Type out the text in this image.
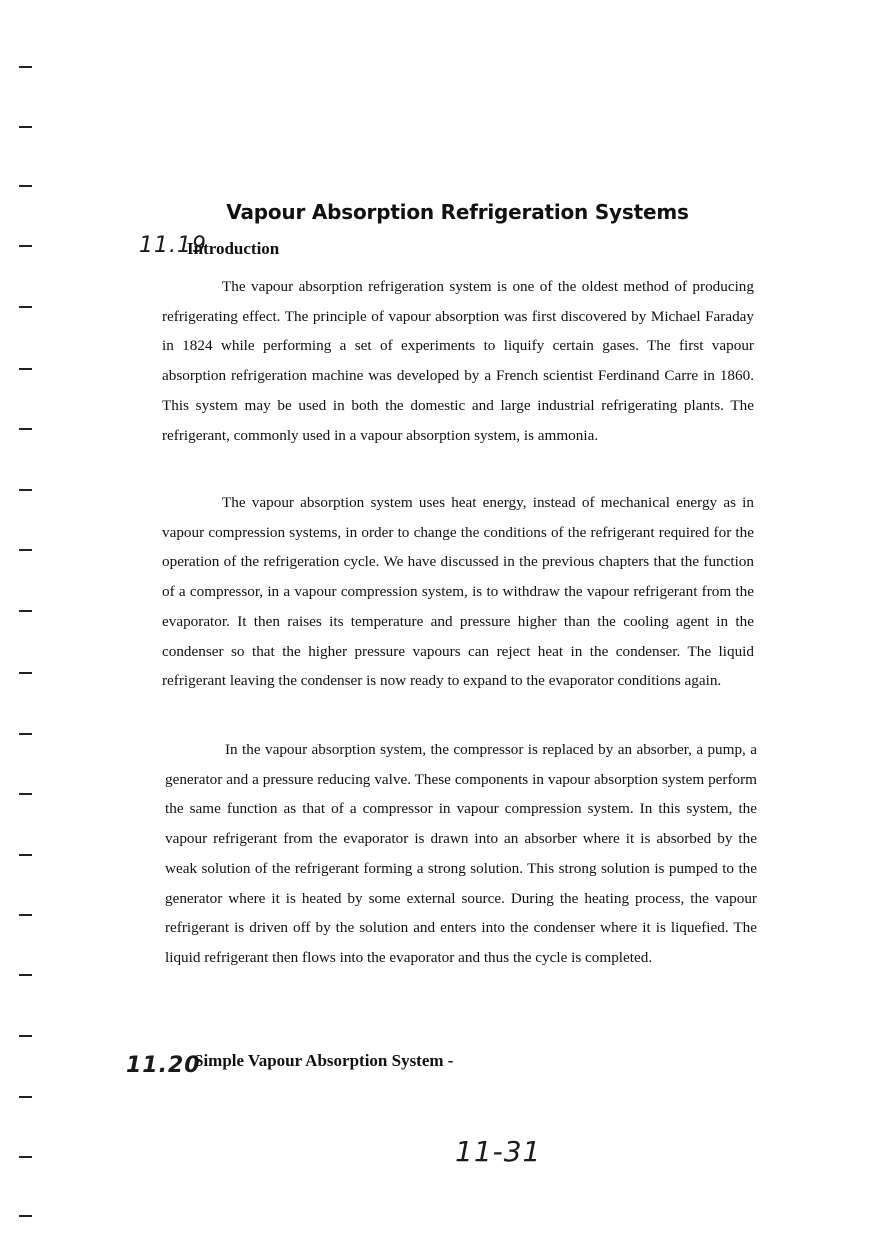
Vapour Absorption Refrigeration Systems
11.19
Introduction

The vapour absorption refrigeration system is one of the oldest method of producing refrigerating effect. The principle of vapour absorption was first discovered by Michael Faraday in 1824 while performing a set of experiments to liquify certain gases. The first vapour absorption refrigeration machine was developed by a French scientist Ferdinand Carre in 1860. This system may be used in both the domestic and large industrial refrigerating plants. The refrigerant, commonly used in a vapour absorption system, is ammonia.

The vapour absorption system uses heat energy, instead of mechanical energy as in vapour compression systems, in order to change the conditions of the refrigerant required for the operation of the refrigeration cycle. We have discussed in the previous chapters that the function of a compressor, in a vapour compression system, is to withdraw the vapour refrigerant from the evaporator. It then raises its temperature and pressure higher than the cooling agent in the condenser so that the higher pressure vapours can reject heat in the condenser. The liquid refrigerant leaving the condenser is now ready to expand to the evaporator conditions again.

In the vapour absorption system, the compressor is replaced by an absorber, a pump, a generator and a pressure reducing valve. These components in vapour absorption system perform the same function as that of a compressor in vapour compression system. In this system, the vapour refrigerant from the evaporator is drawn into an absorber where it is absorbed by the weak solution of the refrigerant forming a strong solution. This strong solution is pumped to the generator where it is heated by some external source. During the heating process, the vapour refrigerant is driven off by the solution and enters into the condenser where it is liquefied. The liquid refrigerant then flows into the evaporator and thus the cycle is completed.

11.20
Simple Vapour Absorption System -
11-31
